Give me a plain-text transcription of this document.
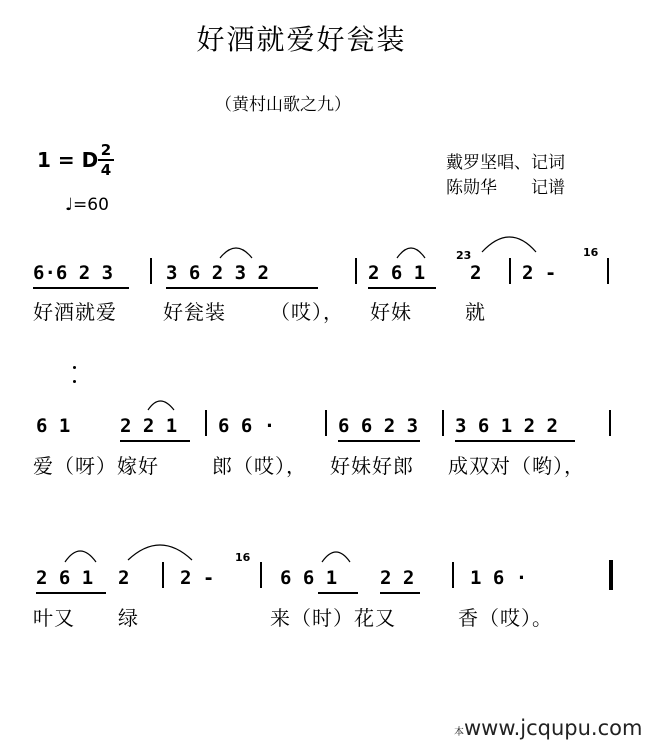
好酒就爱好瓮装
（黄村山歌之九）
1 = D 2
4
♩=60
戴罗坚唱、记词
陈勋华　　记谱
6·6 2 3	3 6 2 3 2	2 6 1
23
2 2 -
16
好酒就爱 好瓮装 （哎）， 好妹	就
6 1	2 2 1 6 6 ·	6 6 2 3 3 6 1 2 2
爱（呀）嫁好	郎（哎）， 好妹好郎 成双对（哟），
2 6 1 2	2 -
16
6 6 1 2 2	1 6 ·
叶又 绿	来（时）花又	香（哎）。
本www.jcqupu.com
